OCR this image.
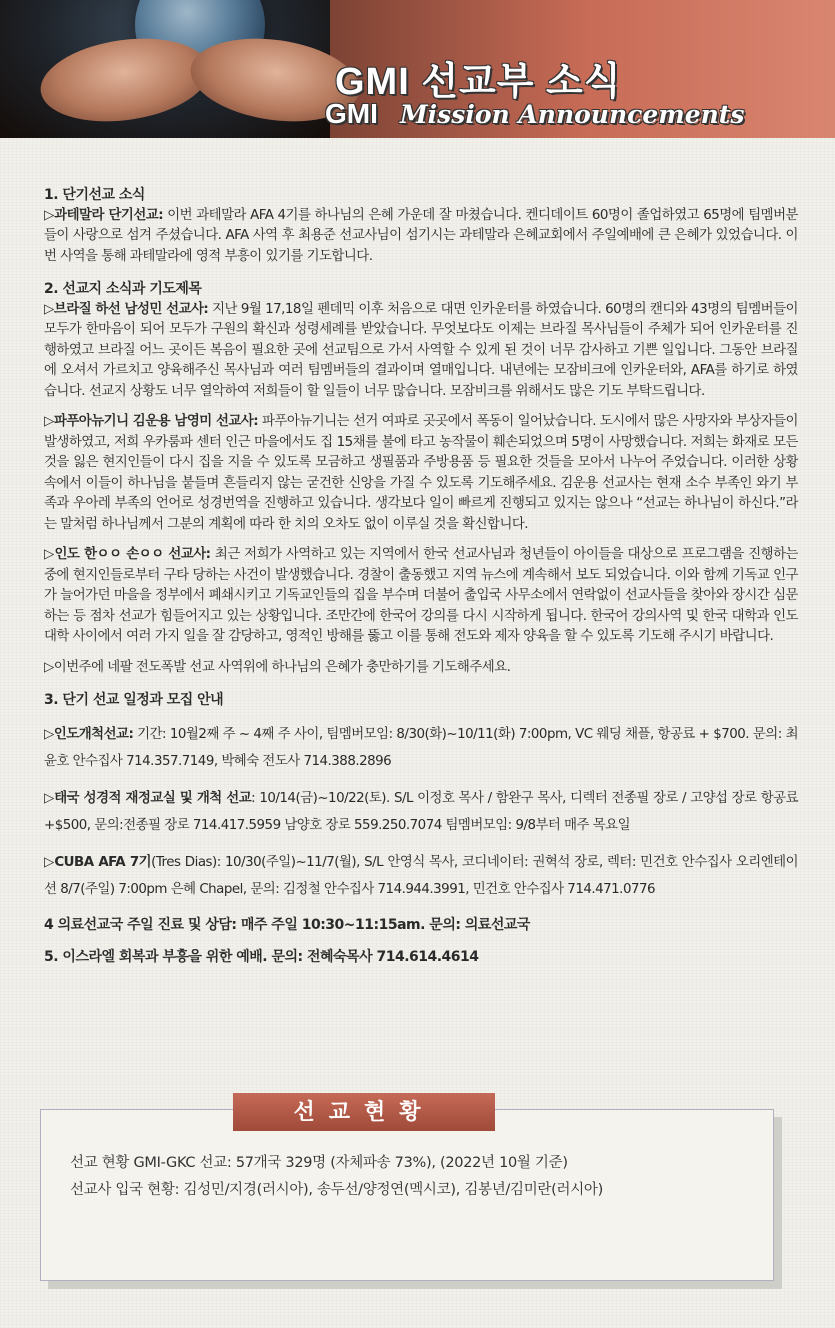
GMI 선교부 소식
GMI Mission Announcements

1. 단기선교 소식

▷과테말라 단기선교: 이번 과테말라 AFA 4기를 하나님의 은혜 가운데 잘 마쳤습니다. 켄디데이트 60명이 졸업하였고 65명에 팀멤버분들이 사랑으로 섬겨 주셨습니다. AFA 사역 후 최용준 선교사님이 섬기시는 과테말라 은혜교회에서 주일예배에 큰 은혜가 있었습니다. 이번 사역을 통해 과테말라에 영적 부흥이 있기를 기도합니다.

2. 선교지 소식과 기도제목

▷브라질 하선 남성민 선교사: 지난 9월 17,18일 펜데믹 이후 처음으로 대면 인카운터를 하였습니다. 60명의 캔디와 43명의 팀멤버들이 모두가 한마음이 되어 모두가 구원의 확신과 성령세례를 받았습니다. 무엇보다도 이제는 브라질 목사님들이 주체가 되어 인카운터를 진행하였고 브라질 어느 곳이든 복음이 필요한 곳에 선교팀으로 가서 사역할 수 있게 된 것이 너무 감사하고 기쁜 일입니다. 그동안 브라질에 오셔서 가르치고 양육해주신 목사님과 여러 팀멤버들의 결과이며 열매입니다. 내년에는 모잠비크에 인카운터와, AFA를 하기로 하였습니다. 선교지 상황도 너무 열악하여 저희들이 할 일들이 너무 많습니다. 모잠비크를 위해서도 많은 기도 부탁드립니다.

▷파푸아뉴기니 김운용 남영미 선교사: 파푸아뉴기니는 선거 여파로 곳곳에서 폭동이 일어났습니다. 도시에서 많은 사망자와 부상자들이 발생하였고, 저희 우카룸파 센터 인근 마을에서도 집 15채를 불에 타고 농작물이 훼손되었으며 5명이 사망했습니다. 저희는 화재로 모든 것을 잃은 현지인들이 다시 집을 지을 수 있도록 모금하고 생필품과 주방용품 등 필요한 것들을 모아서 나누어 주었습니다. 이러한 상황 속에서 이들이 하나님을 붙들며 흔들리지 않는 굳건한 신앙을 가질 수 있도록 기도해주세요. 김운용 선교사는 현재 소수 부족인 와기 부족과 우아레 부족의 언어로 성경번역을 진행하고 있습니다. 생각보다 일이 빠르게 진행되고 있지는 않으나 “선교는 하나님이 하신다.”라는 말처럼 하나님께서 그분의 계획에 따라 한 치의 오차도 없이 이루실 것을 확신합니다.

▷인도 한ㅇㅇ 손ㅇㅇ 선교사: 최근 저희가 사역하고 있는 지역에서 한국 선교사님과 청년들이 아이들을 대상으로 프로그램을 진행하는 중에 현지인들로부터 구타 당하는 사건이 발생했습니다. 경찰이 출동했고 지역 뉴스에 계속해서 보도 되었습니다. 이와 함께 기독교 인구가 늘어가던 마을을 정부에서 폐쇄시키고 기독교인들의 집을 부수며 더불어 출입국 사무소에서 연락없이 선교사들을 찾아와 장시간 심문하는 등 점차 선교가 힘들어지고 있는 상황입니다. 조만간에 한국어 강의를 다시 시작하게 됩니다. 한국어 강의사역 및 한국 대학과 인도 대학 사이에서 여러 가지 일을 잘 감당하고, 영적인 방해를 뚫고 이를 통해 전도와 제자 양육을 할 수 있도록 기도해 주시기 바랍니다.

▷이번주에 네팔 전도폭발 선교 사역위에 하나님의 은혜가 충만하기를 기도해주세요.

3. 단기 선교 일정과 모집 안내

▷인도개척선교: 기간: 10월2째 주 ~ 4째 주 사이, 팀멤버모임: 8/30(화)~10/11(화) 7:00pm, VC 웨딩 채플, 항공료 + $700. 문의: 최윤호 안수집사 714.357.7149, 박혜숙 전도사 714.388.2896

▷태국 성경적 재정교실 및 개척 선교: 10/14(금)~10/22(토). S/L 이정호 목사 / 함완구 목사, 디렉터 전종필 장로 / 고양섭 장로 항공료+$500, 문의:전종필 장로 714.417.5959 남양호 장로 559.250.7074 팀멤버모임: 9/8부터 매주 목요일

▷CUBA AFA 7기(Tres Dias): 10/30(주일)~11/7(월), S/L 안영식 목사, 코디네이터: 권혁석 장로, 렉터: 민건호 안수집사 오리엔테이션 8/7(주일) 7:00pm 은혜 Chapel, 문의: 김정철 안수집사 714.944.3991, 민건호 안수집사 714.471.0776

4 의료선교국 주일 진료 및 상담: 매주 주일 10:30~11:15am. 문의: 의료선교국

5. 이스라엘 회복과 부흥을 위한 예배. 문의: 전혜숙목사 714.614.4614

선교현황

선교 현황 GMI-GKC 선교: 57개국 329명 (자체파송 73%), (2022년 10월 기준)

선교사 입국 현황: 김성민/지경(러시아), 송두선/양정연(멕시코), 김봉년/김미란(러시아)
